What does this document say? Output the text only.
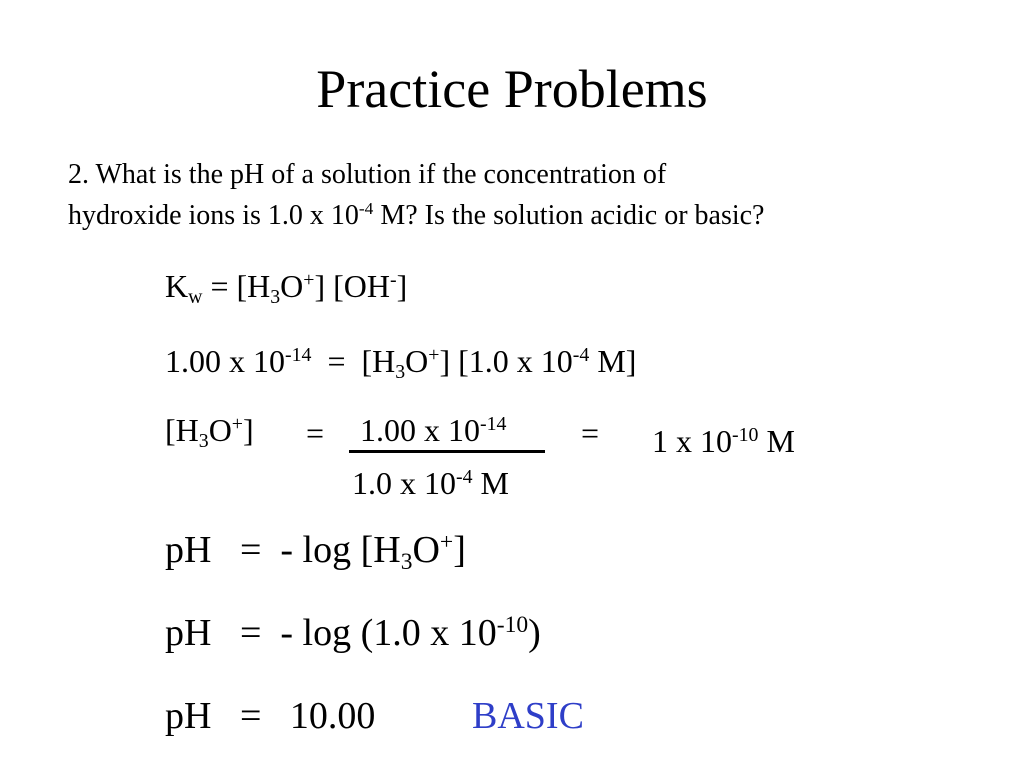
Practice Problems
2. What is the pH of a solution if the concentration of
hydroxide ions is 1.0 x $10^{-4}$ M? Is the solution acidic or basic?
$K_w = [H_3O^+]$ [OH-]
1.00 x $10^{-14} = [H_3O^+]$ [1.0 x $10^{-4}$ M]
$[H_3O^+] = 1.00$ x $10^{-14}$
1.0 x $10^{-4}$ M
= 1 x $10^{-10}$ M
pH   =  - $\log [H_3O^+]$
pH   =  - log (1.0 x $10^{-10}$)
pH   =   10.00	BASIC
